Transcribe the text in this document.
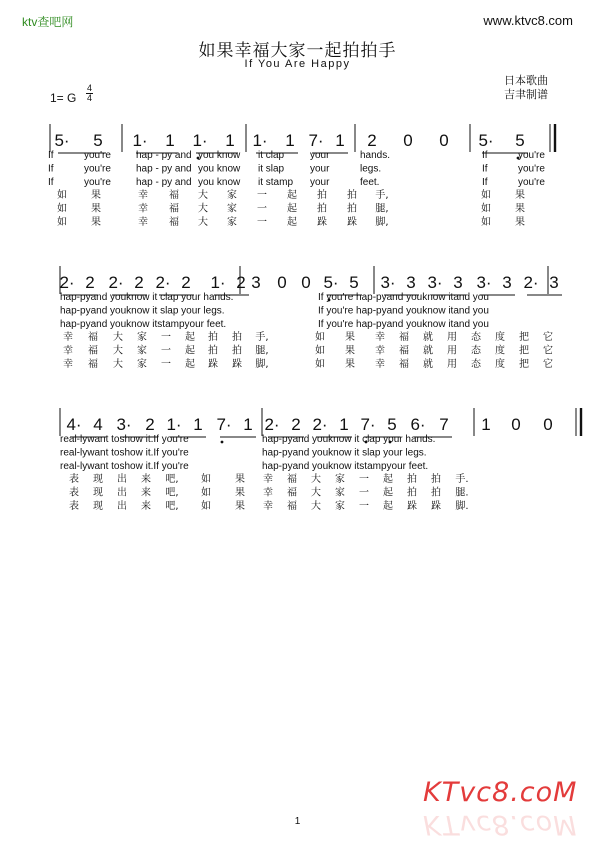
ktv查吧网	www.ktvc8.com
如果幸福大家一起拍拍手
If You Are Happy
1= G
4
4
日本歌曲
吉聿制谱
5· 5 1· 1 1· 1 1· 1 7· 1 2 0 0 5· 5
If	you're	hap - py and you know it clap	your	hands.	If	you're
If	you're	hap - py and you know it slap	your	legs.	If	you're
If	you're	hap - py and you know it stamp your	feet.	If	you're
如 果	幸 福 大 家 一 起 拍 拍 手,	如 果
如 果	幸 福 大 家 一 起 拍 拍 腿,	如 果
如 果	幸 福 大 家 一 起 跺 跺 脚,	如 果
2· 2 2· 2 2· 2 1· 2 3 0 0 5· 5 3· 3 3· 3 3· 3 2· 3
hap-pyand youknow it clap your hands.	If you're hap-pyand youknow itand you
hap-pyand youknow it slap your legs.	If you're hap-pyand youknow itand you
hap-pyand youknow itstampyour feet.	If you're hap-pyand youknow itand you
幸 福 大 家 一 起 拍 拍 手,	如 果 幸 福 就 用 态 度 把 它
幸 福 大 家 一 起 拍 拍 腿,	如 果 幸 福 就 用 态 度 把 它
幸 福 大 家 一 起 跺 跺 脚,	如 果 幸 福 就 用 态 度 把 它
4· 4 3· 2 1· 1 7· 1 2· 2 2· 1 7· 5 6· 7 1 0 0
real-lywant toshow it.If you're	hap-pyand youknow it clap your hands.
real-lywant toshow it.If you're	hap-pyand youknow it slap your legs.
real-lywant toshow it.If you're	hap-pyand youknow itstampyour feet.
表 现 出 来 吧, 如 果 幸 福 大 家 一 起 拍 拍 手.
表 现 出 来 吧, 如 果 幸 福 大 家 一 起 拍 拍 腿.
表 现 出 来 吧, 如 果 幸 福 大 家 一 起 跺 跺 脚.
KTvc8.coM
KTvc8.coM
1
